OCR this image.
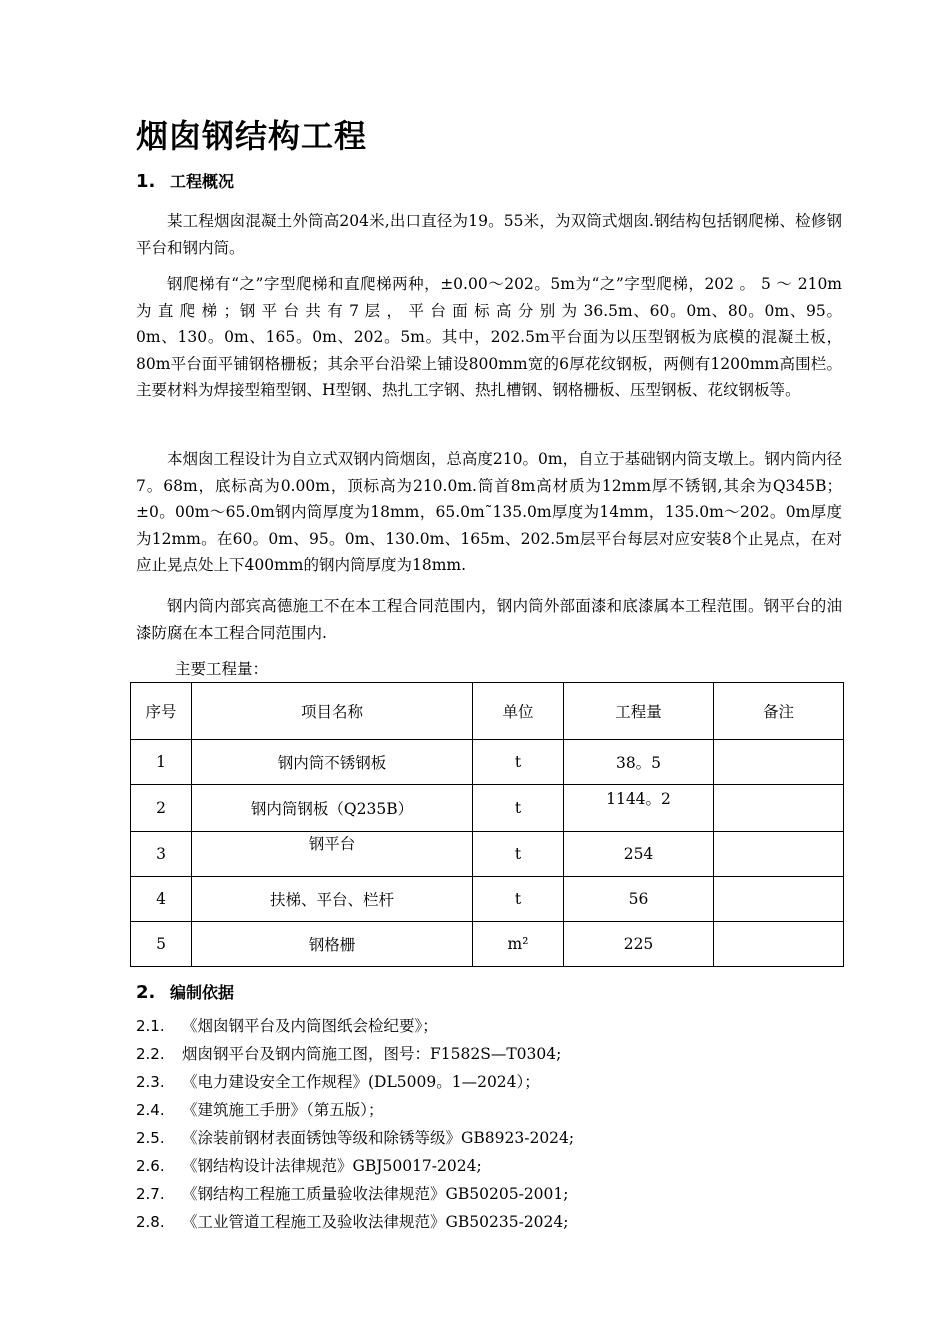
烟囱钢结构工程
1. 工程概况

某工程烟囱混凝土外筒高204米,出口直径为19。55米，为双筒式烟囱.钢结构包括钢爬梯、检修钢平台和钢内筒。

钢爬梯有“之”字型爬梯和直爬梯两种，±0.00～202。5m为“之”字型爬梯，202 。 5 ～ 210m 为 直 爬 梯 ；钢 平 台 共 有 7 层 ， 平 台 面 标 高 分 别 为 36.5m、60。0m、80。0m、95。0m、130。0m、165。0m、202。5m。其中，202.5m平台面为以压型钢板为底模的混凝土板，80m平台面平铺钢格栅板；其余平台沿梁上铺设800mm宽的6厚花纹钢板，两侧有1200mm高围栏。主要材料为焊接型箱型钢、H型钢、热扎工字钢、热扎槽钢、钢格栅板、压型钢板、花纹钢板等。

本烟囱工程设计为自立式双钢内筒烟囱，总高度210。0m，自立于基础钢内筒支墩上。钢内筒内径7。68m，底标高为0.00m，顶标高为210.0m.筒首8m高材质为12mm厚不锈钢,其余为Q345B；±0。00m～65.0m钢内筒厚度为18mm，65.0m˜135.0m厚度为14mm，135.0m～202。0m厚度为12mm。在60。0m、95。0m、130.0m、165m、202.5m层平台每层对应安装8个止晃点，在对应止晃点处上下400mm的钢内筒厚度为18mm.

钢内筒内部宾高德施工不在本工程合同范围内，钢内筒外部面漆和底漆属本工程范围。钢平台的油漆防腐在本工程合同范围内.

主要工程量：
序号	项目名称	单位	工程量	备注
1	钢内筒不锈钢板	t	38。5	
2	钢内筒钢板（Q235B）	t	1144。2	
3	钢平台	t	254	
4	扶梯、平台、栏杆	t	56	
5	钢格栅	m²	225	
2. 编制依据
2.1. 《烟囱钢平台及内筒图纸会检纪要》；
2.2. 烟囱钢平台及钢内筒施工图，图号：F1582S—T0304;
2.3. 《电力建设安全工作规程》(DL5009。1—2024）；
2.4. 《建筑施工手册》（第五版）；
2.5. 《涂装前钢材表面锈蚀等级和除锈等级》GB8923-2024;
2.6. 《钢结构设计法律规范》GBJ50017-2024;
2.7. 《钢结构工程施工质量验收法律规范》GB50205-2001;
2.8. 《工业管道工程施工及验收法律规范》GB50235-2024;
